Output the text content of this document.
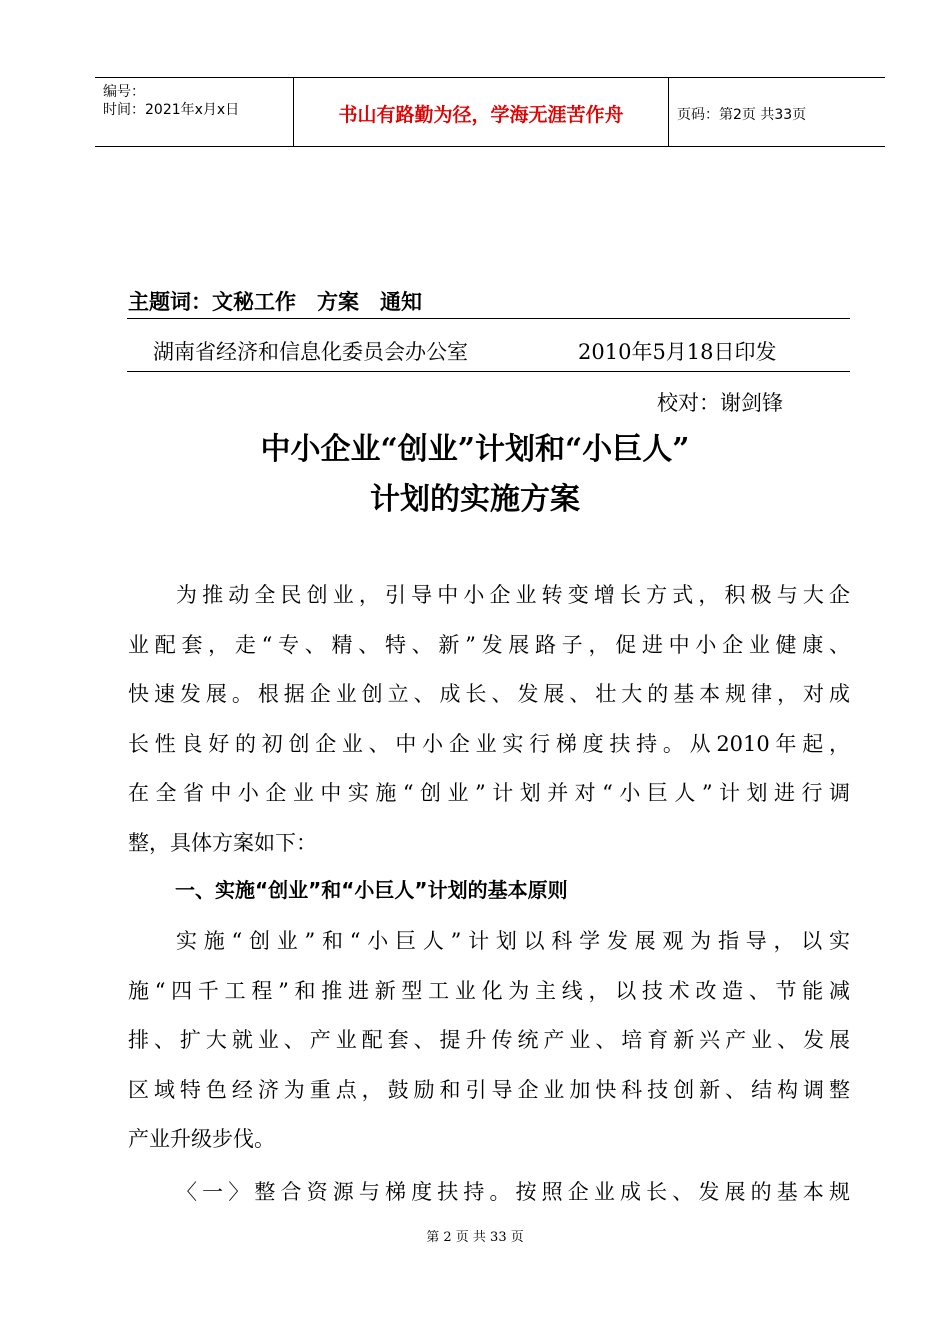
编号：
时间：2021年x月x日	书山有路勤为径，学海无涯苦作舟	页码：第2页 共33页
主题词：文秘工作　方案　通知
湖南省经济和信息化委员会办公室	2010年5月18日印发
校对：谢剑锋
中小企业“创业”计划和“小巨人”
计划的实施方案
为推动全民创业，引导中小企业转变增长方式，积极与大企
业配套，走“专、精、特、新”发展路子，促进中小企业健康、
快速发展。根据企业创立、成长、发展、壮大的基本规律，对成
长性良好的初创企业、中小企业实行梯度扶持。从2010年起，
在全省中小企业中实施“创业”计划并对“小巨人”计划进行调
整，具体方案如下：
一、实施“创业”和“小巨人”计划的基本原则
实施“创业”和“小巨人”计划以科学发展观为指导，以实
施“四千工程”和推进新型工业化为主线，以技术改造、节能减
排、扩大就业、产业配套、提升传统产业、培育新兴产业、发展
区域特色经济为重点，鼓励和引导企业加快科技创新、结构调整
产业升级步伐。
〈一〉整合资源与梯度扶持。按照企业成长、发展的基本规
第 2 页 共 33 页
